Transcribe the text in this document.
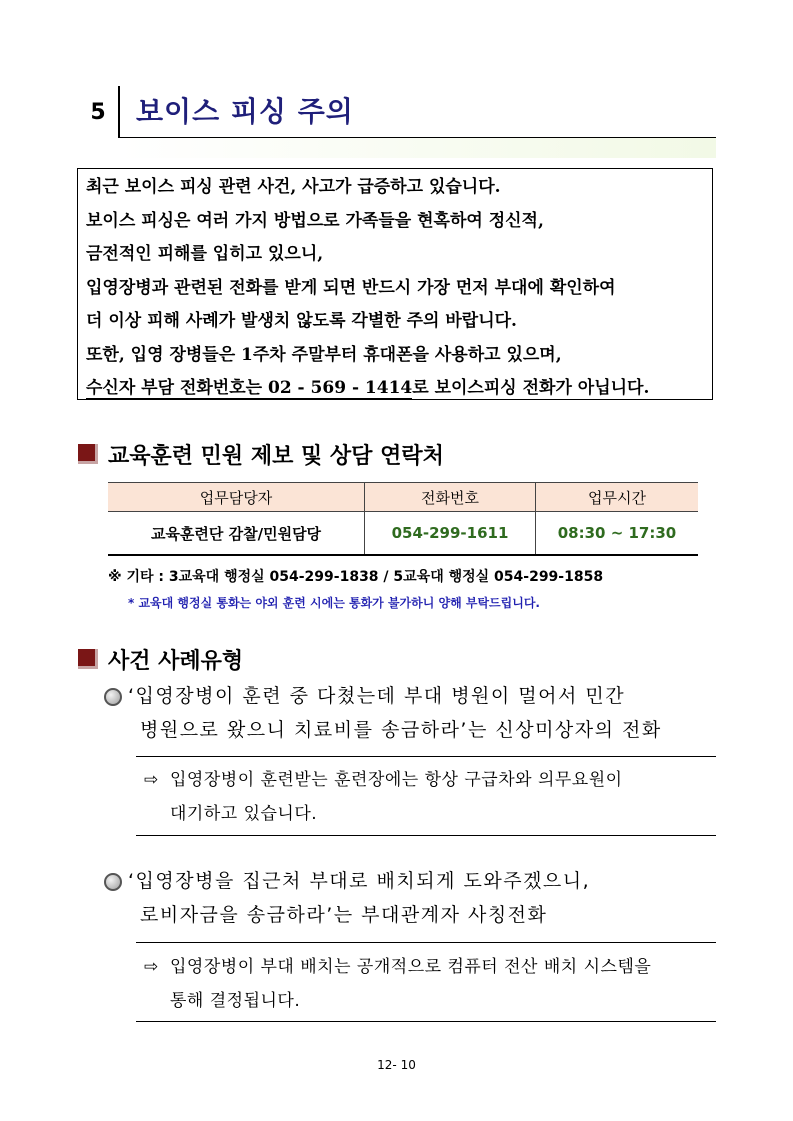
5	보이스 피싱 주의
최근 보이스 피싱 관련 사건, 사고가 급증하고 있습니다.
보이스 피싱은 여러 가지 방법으로 가족들을 현혹하여 정신적,
금전적인 피해를 입히고 있으니,
입영장병과 관련된 전화를 받게 되면 반드시 가장 먼저 부대에 확인하여
더 이상 피해 사례가 발생치 않도록 각별한 주의 바랍니다.
또한, 입영 장병들은 1주차 주말부터 휴대폰을 사용하고 있으며,
수신자 부담 전화번호는 02 - 569 - 1414로 보이스피싱 전화가 아닙니다.
교육훈련 민원 제보 및 상담 연락처
업무담당자	전화번호	업무시간
교육훈련단 감찰/민원담당	054-299-1611	08:30 ~ 17:30
※ 기타 : 3교육대 행정실 054-299-1838 / 5교육대 행정실 054-299-1858
* 교육대 행정실 통화는 야외 훈련 시에는 통화가 불가하니 양해 부탁드립니다.
사건 사례유형
‘입영장병이 훈련 중 다쳤는데 부대 병원이 멀어서 민간
병원으로 왔으니 치료비를 송금하라’는 신상미상자의 전화
⇨ 입영장병이 훈련받는 훈련장에는 항상 구급차와 의무요원이
대기하고 있습니다.
‘입영장병을 집근처 부대로 배치되게 도와주겠으니,
로비자금을 송금하라’는 부대관계자 사칭전화
⇨ 입영장병이 부대 배치는 공개적으로 컴퓨터 전산 배치 시스템을
통해 결정됩니다.
12- 10
